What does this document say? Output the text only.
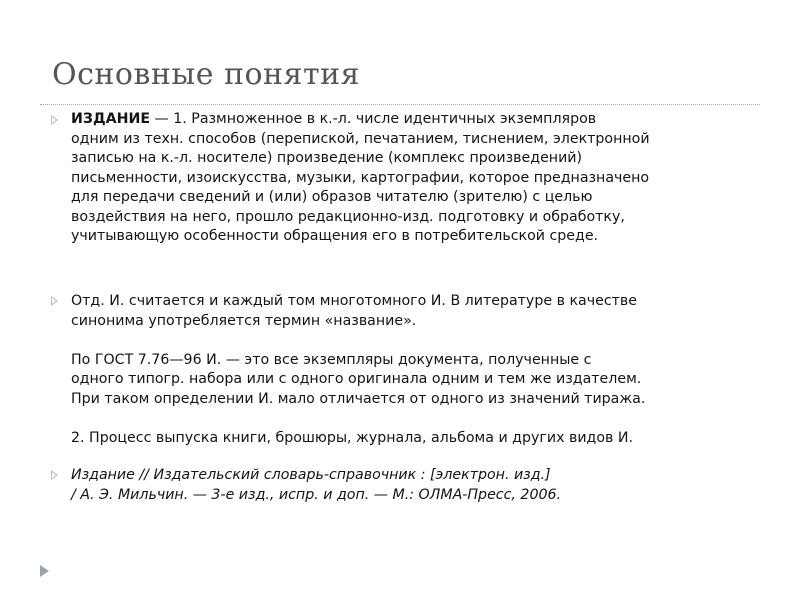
Основные понятия
ИЗДАНИЕ — 1. Размноженное в к.-л. числе идентичных экземпляров
одним из техн. способов (перепиской, печатанием, тиснением, электронной
записью на к.-л. носителе) произведение (комплекс произведений)
письменности, изоискусства, музыки, картографии, которое предназначено
для передачи сведений и (или) образов читателю (зрителю) с целью
воздействия на него, прошло редакционно-изд. подготовку и обработку,
учитывающую особенности обращения его в потребительской среде.
Отд. И. считается и каждый том многотомного И. В литературе в качестве
синонима употребляется термин «название».
По ГОСТ 7.76—96 И. — это все экземпляры документа, полученные с
одного типогр. набора или с одного оригинала одним и тем же издателем.
При таком определении И. мало отличается от одного из значений тиража.
2. Процесс выпуска книги, брошюры, журнала, альбома и других видов И.
Издание // Издательский словарь-справочник : [электрон. изд.]
/ А. Э. Мильчин. — 3-е изд., испр. и доп. — М.: ОЛМА-Пресс, 2006.
